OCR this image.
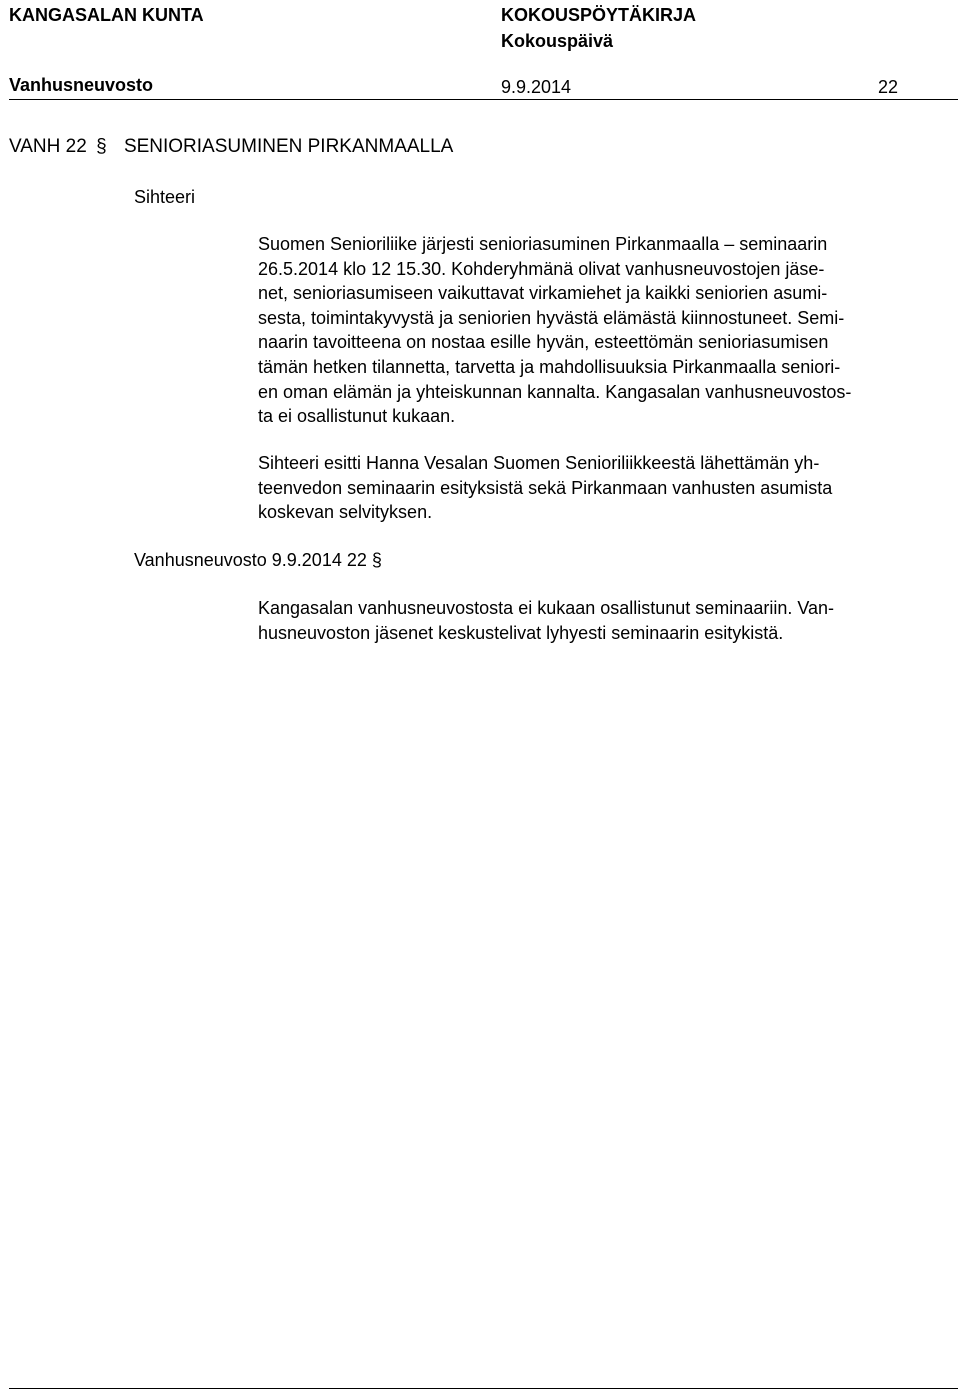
KANGASALAN KUNTA	KOKOUSPÖYTÄKIRJA
Kokouspäivä
Vanhusneuvosto	9.9.2014	22
VANH 22 § SENIORIASUMINEN PIRKANMAALLA
Sihteeri
Suomen Senioriliike järjesti senioriasuminen Pirkanmaalla – seminaarin
26.5.2014 klo 12 15.30. Kohderyhmänä olivat vanhusneuvostojen jäse-
net, senioriasumiseen vaikuttavat virkamiehet ja kaikki seniorien asumi-
sesta, toimintakyvystä ja seniorien hyvästä elämästä kiinnostuneet. Semi-
naarin tavoitteena on nostaa esille hyvän, esteettömän senioriasumisen
tämän hetken tilannetta, tarvetta ja mahdollisuuksia Pirkanmaalla seniori-
en oman elämän ja yhteiskunnan kannalta. Kangasalan vanhusneuvostos-
ta ei osallistunut kukaan.
Sihteeri esitti Hanna Vesalan Suomen Senioriliikkeestä lähettämän yh-
teenvedon seminaarin esityksistä sekä Pirkanmaan vanhusten asumista
koskevan selvityksen.
Vanhusneuvosto 9.9.2014 22 §
Kangasalan vanhusneuvostosta ei kukaan osallistunut seminaariin. Van-
husneuvoston jäsenet keskustelivat lyhyesti seminaarin esitykistä.
